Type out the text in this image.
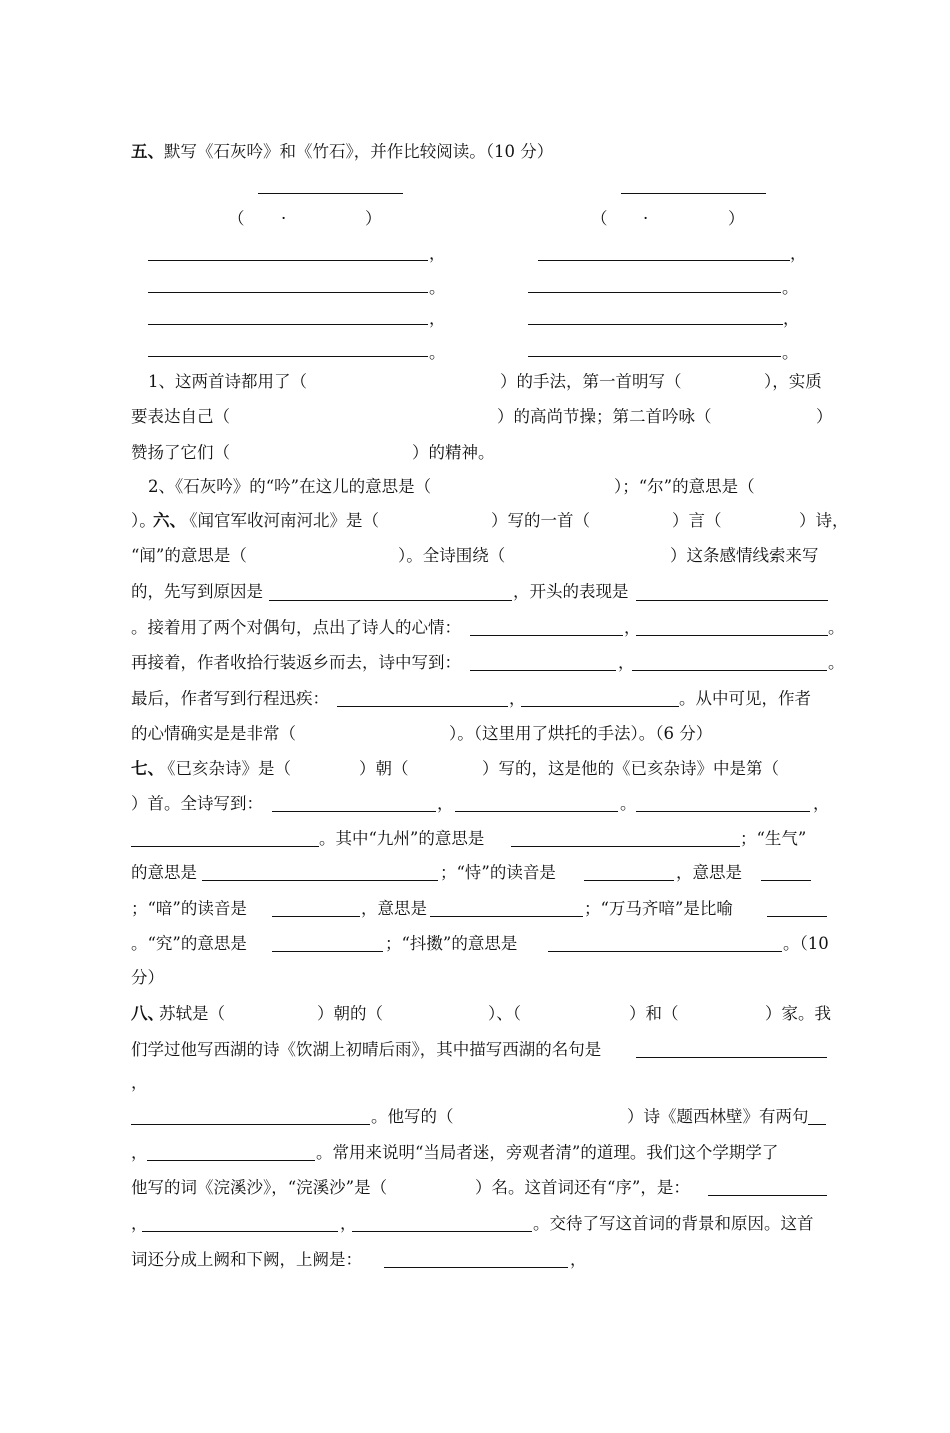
五、默写《石灰吟》和《竹石》，并作比较阅读。（10 分）
（ ·	）	（ ·	）
，
。
，
。
，
。
，
。
1、这两首诗都用了（	）的手法，第一首明写（	），实质
要表达自己（	）的高尚节操；第二首吟咏（	）
赞扬了它们（	）的精神。
2、《石灰吟》的“吟”在这儿的意思是（	）；“尔”的意思是（
）。
六、
《闻官军收河南河北》是（	）写的一首（	）言（	）诗，
“闻”的意思是（	）。全诗围绕（	）这条感情线索来写
的，先写到原因是	，开头的表现是
。接着用了两个对偶句，点出了诗人的心情：	，	。
再接着，作者收拾行装返乡而去，诗中写到：	，	。
最后，作者写到行程迅疾：	，	。从中可见，作者
的心情确实是是非常（	）。（这里用了烘托的手法）。（6 分）
七、
《已亥杂诗》是（	）朝（	）写的，这是他的《已亥杂诗》中是第（
）首。全诗写到：	，	。	，
。其中“九州”的意思是	；“生气”
的意思是	；“恃”的读音是	，意思是
；“喑”的读音是	，意思是	；“万马齐喑”是比喻
。“究”的意思是	；“抖擞”的意思是	。（10
分）
八、
苏轼是（	）朝的（	）、（	）和（	）家。我
们学过他写西湖的诗《饮湖上初晴后雨》，其中描写西湖的名句是
，
。他写的（	）诗《题西林壁》有两句
，	。常用来说明“当局者迷，旁观者清”的道理。我们这个学期学了
他写的词《浣溪沙》，“浣溪沙”是（	）名。这首词还有“序”，是：
，	，	。交待了写这首词的背景和原因。这首
词还分成上阙和下阙，上阙是：	，
